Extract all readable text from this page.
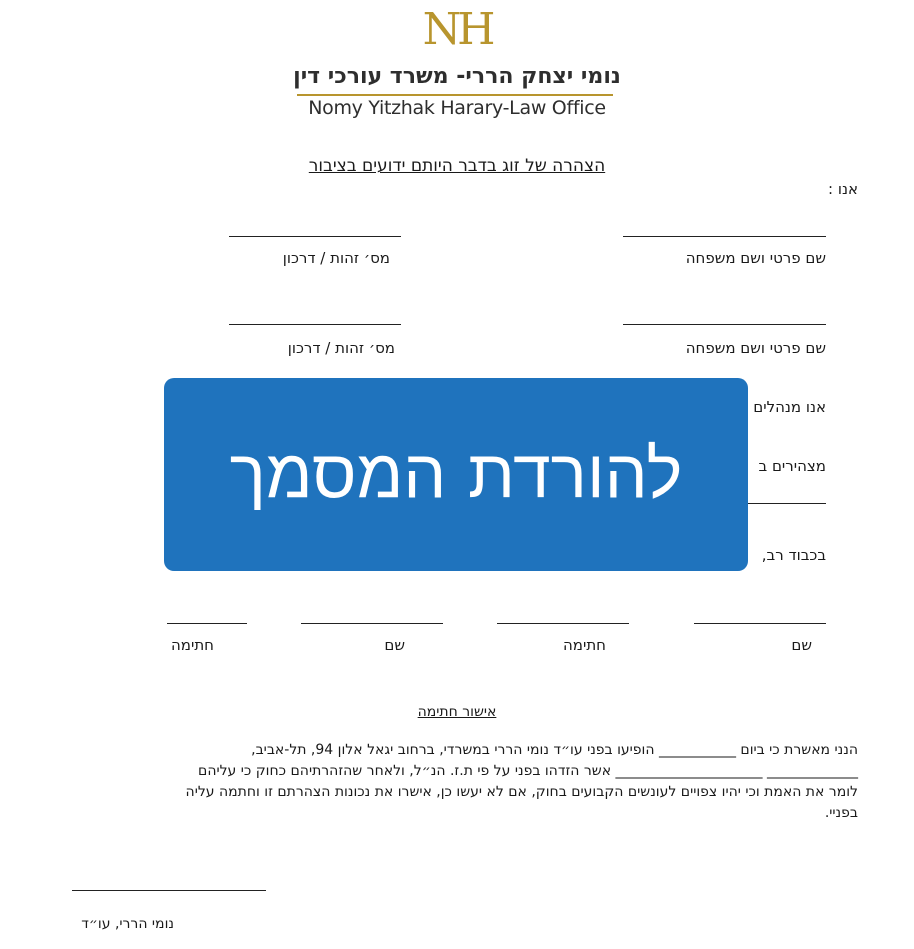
NH
נומי יצחק הררי- משרד עורכי דין
Nomy Yitzhak Harary-Law Office
הצהרה של זוג בדבר היותם ידועים בציבור
אנו :
שם פרטי ושם משפחה
מס׳ זהות / דרכון
שם פרטי ושם משפחה
מס׳ זהות / דרכון
אנו מנהלים
מצהירים ב
בכבוד רב,
להורדת המסמך
שם
חתימה
שם
חתימה
אישור חתימה
הנני מאשרת כי ביום ___________ הופיעו בפני עו״ד נומי הררי במשרדי, ברחוב יגאל אלון 94, תל-אביב,
_____________ _____________________ אשר הזדהו בפני על פי ת.ז. הנ״ל, ולאחר שהזהרתיהם כחוק כי עליהם
לומר את האמת וכי יהיו צפויים לעונשים הקבועים בחוק, אם לא יעשו כן, אישרו את נכונות הצהרתם זו וחתמה עליה
בפניי.
נומי הררי, עו״ד
